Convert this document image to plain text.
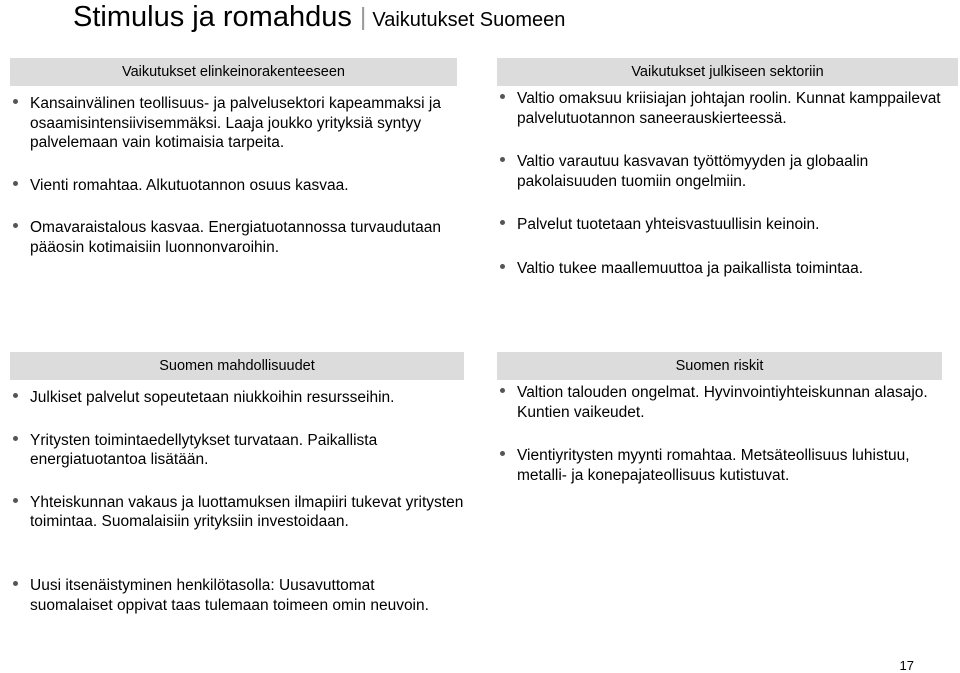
Stimulus ja romahdus | Vaikutukset Suomeen
Vaikutukset elinkeinorakenteeseen
Kansainvälinen teollisuus- ja palvelusektori kapeammaksi ja osaamisintensiivisemmäksi. Laaja joukko yrityksiä syntyy palvelemaan vain kotimaisia tarpeita.
Vienti romahtaa. Alkutuotannon osuus kasvaa.
Omavaraistalous kasvaa. Energiatuotannossa turvaudutaan pääosin kotimaisiin luonnonvaroihin.
Vaikutukset julkiseen sektoriin
Valtio omaksuu kriisiajan johtajan roolin. Kunnat kamppailevat palvelutuotannon saneerauskierteessä.
Valtio varautuu kasvavan työttömyyden ja globaalin pakolaisuuden tuomiin ongelmiin.
Palvelut tuotetaan yhteisvastuullisin keinoin.
Valtio tukee maallemuuttoa ja paikallista toimintaa.
Suomen mahdollisuudet
Julkiset palvelut sopeutetaan niukkoihin resursseihin.
Yritysten toimintaedellytykset turvataan. Paikallista energiatuotantoa lisätään.
Yhteiskunnan vakaus ja luottamuksen ilmapiiri tukevat yritysten toimintaa. Suomalaisiin yrityksiin investoidaan.
Uusi itsenäistyminen henkilötasolla: Uusavuttomat suomalaiset oppivat taas tulemaan toimeen omin neuvoin.
Suomen riskit
Valtion talouden ongelmat. Hyvinvointiyhteiskunnan alasajo. Kuntien vaikeudet.
Vientiyritysten myynti romahtaa. Metsäteollisuus luhistuu, metalli- ja konepajateollisuus kutistuvat.
17
